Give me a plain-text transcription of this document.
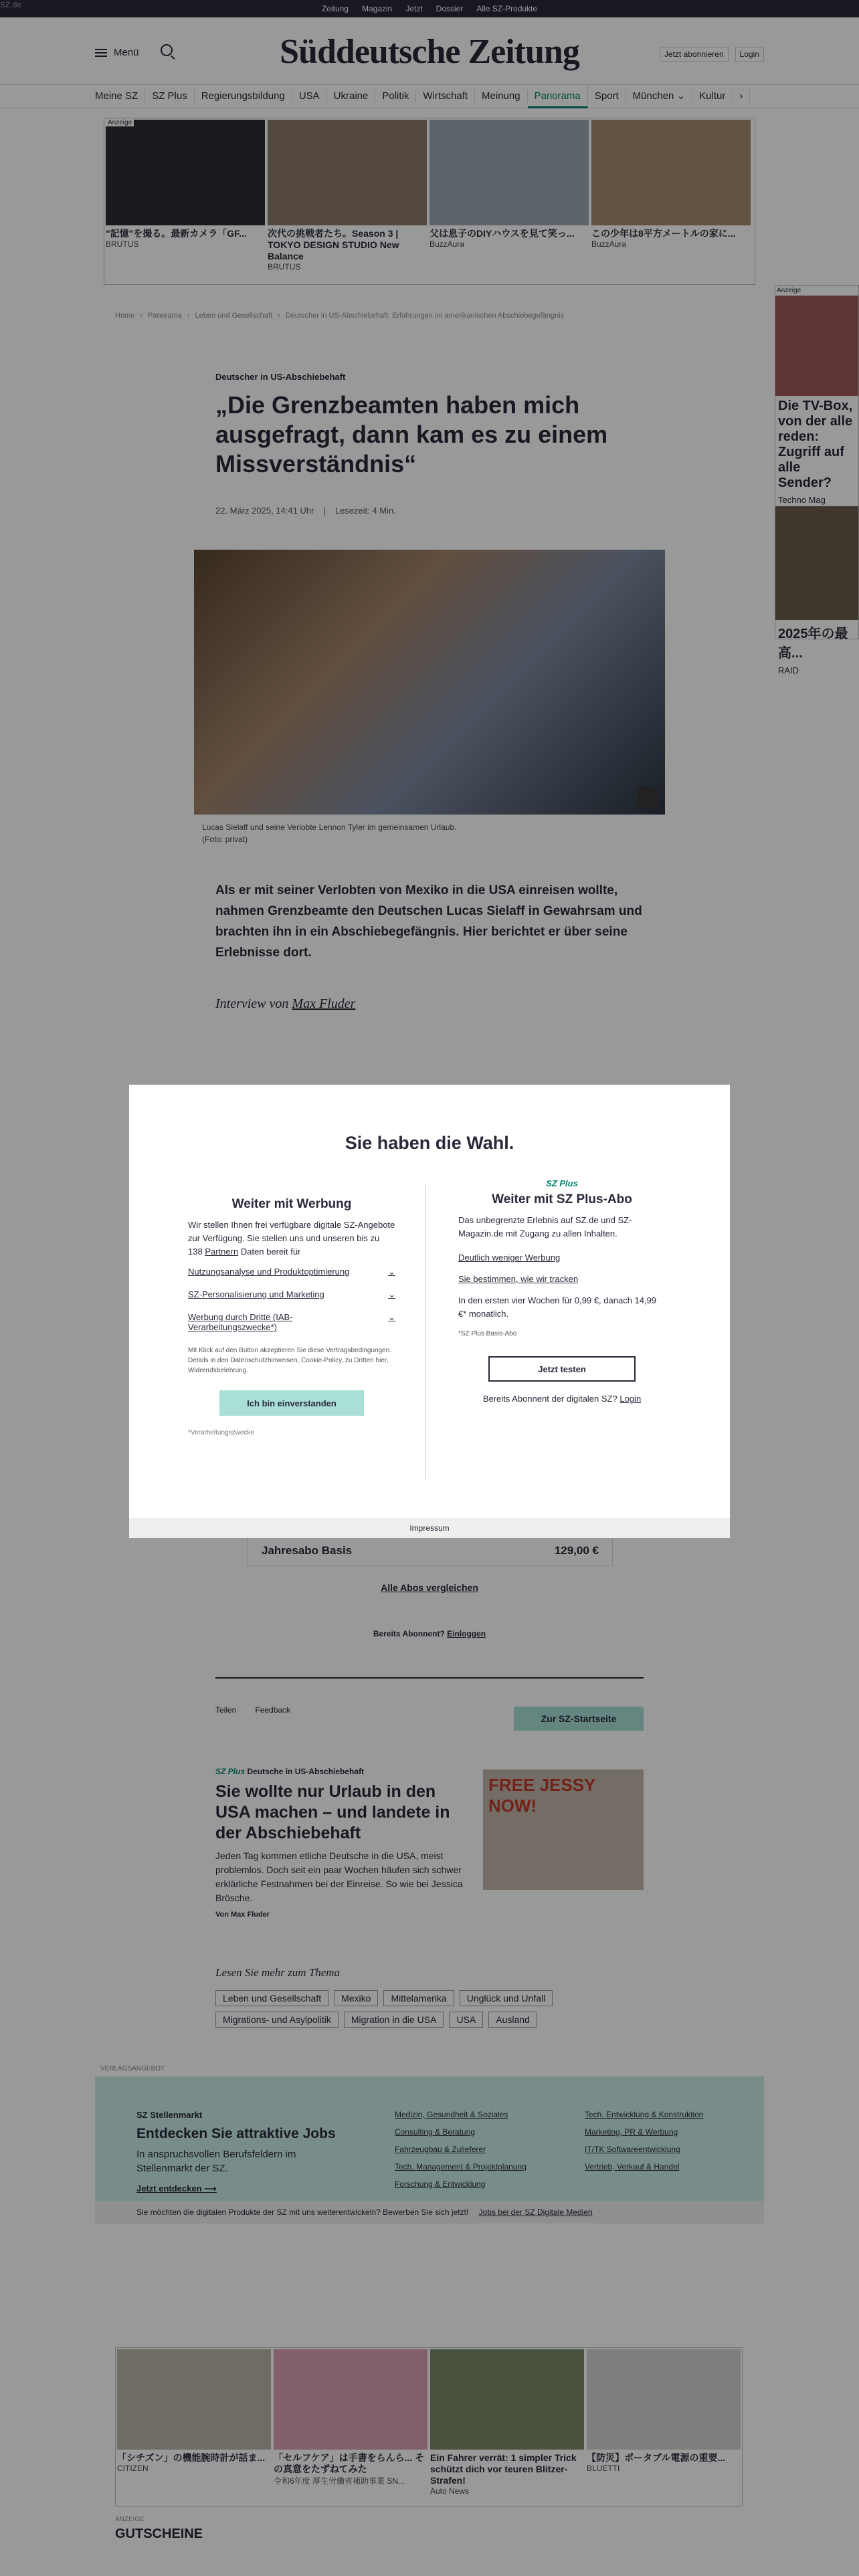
SZ.de	Zeitung Magazin Jetzt Dossier Alle SZ-Produkte
Menü	Süddeutsche Zeitung	Jetzt abonnieren	Login
Meine SZ	SZ Plus	Regierungsbildung	USA	Ukraine	Politik	Wirtschaft	Meinung	Panorama	Sport	München ⌄	Kultur	›
Anzeige
"記憶"を撮る。最新カメラ「GF...
BRUTUS
次代の挑戦者たち。Season 3 | TOKYO DESIGN STUDIO New Balance
BRUTUS
父は息子のDIYハウスを見て笑っ...
BuzzAura
この少年は8平方メートルの家に...
BuzzAura
Home › Panorama › Leben und Gesellschaft › Deutscher in US-Abschiebehaft: Erfahrungen im amerikanischen Abschiebegefängnis
Anzeige
Die TV-Box, von der alle reden: Zugriff auf alle Sender?
Techno Mag
2025年の最高...
RAID
Deutscher in US-Abschiebehaft
„Die Grenzbeamten haben mich ausgefragt, dann kam es zu einem Missverständnis“
22. März 2025, 14:41 Uhr | Lesezeit: 4 Min.
Lucas Sielaff und seine Verlobte Lennon Tyler im gemeinsamen Urlaub.
(Foto: privat)

Als er mit seiner Verlobten von Mexiko in die USA einreisen wollte, nahmen Grenzbeamte den Deutschen Lucas Sielaff in Gewahrsam und brachten ihn in ein Abschiebegefängnis. Hier berichtet er über seine Erlebnisse dort.

Interview von Max Fluder
Jahresabo Basis	129,00 €
Alle Abos vergleichen
Bereits Abonnent? Einloggen
Teilen Feedback
Zur SZ-Startseite
SZ Plus Deutsche in US-Abschiebehaft
Sie wollte nur Urlaub in den USA machen – und landete in der Abschiebehaft
Jeden Tag kommen etliche Deutsche in die USA, meist problemlos. Doch seit ein paar Wochen häufen sich schwer erklärliche Festnahmen bei der Einreise. So wie bei Jessica Brösche.
Von Max Fluder
FREE JESSY NOW!
Lesen Sie mehr zum Thema
Leben und Gesellschaft	Mexiko	Mittelamerika	Unglück und Unfall
Migrations- und Asylpolitik	Migration in die USA	USA	Ausland
VERLAGSANGEBOT
SZ Stellenmarkt
Entdecken Sie attraktive Jobs
In anspruchsvollen Berufsfeldern im Stellenmarkt der SZ.
Jetzt entdecken ⟶
Medizin, Gesundheit & Soziales	Tech. Entwicklung & Konstruktion
Consulting & Beratung	Marketing, PR & Werbung
Fahrzeugbau & Zulieferer	IT/TK Softwareentwicklung
Tech. Management & Projektplanung	Vertrieb, Verkauf & Handel
Forschung & Entwicklung
Sie möchten die digitalen Produkte der SZ mit uns weiterentwickeln? Bewerben Sie sich jetzt! Jobs bei der SZ Digitale Medien
「シチズン」の機能腕時計が話ま...
CITIZEN
「セルフケア」は手書をらんら... その真意をたずねてみた
令和6年度 厚生労働省補助事業 SN...
Ein Fahrer verrät: 1 simpler Trick schützt dich vor teuren Blitzer-Strafen!
Auto News
【防災】ポータブル電源の重要...
BLUETTI
ANZEIGE
GUTSCHEINE
Sie haben die Wahl.
Weiter mit Werbung

Wir stellen Ihnen frei verfügbare digitale SZ-Angebote zur Verfügung. Sie stellen uns und unseren bis zu 138 Partnern Daten bereit für

Nutzungsanalyse und Produktoptimierung	⌄
SZ-Personalisierung und Marketing	⌄
Werbung durch Dritte (IAB-Verarbeitungszwecke*)
⌄

Mit Klick auf den Button akzeptieren Sie diese Vertragsbedingungen. Details in den Datenschutzhinweisen, Cookie-Policy, zu Dritten hier, Widerrufsbelehrung.

Ich bin einverstanden

*Verarbeitungszwecke

SZ Plus
Weiter mit SZ Plus-Abo

Das unbegrenzte Erlebnis auf SZ.de und SZ-Magazin.de mit Zugang zu allen Inhalten.

Deutlich weniger Werbung

Sie bestimmen, wie wir tracken

In den ersten vier Wochen für 0,99 €, danach 14,99 €* monatlich.

*SZ Plus Basis-Abo

Jetzt testen

Bereits Abonnent der digitalen SZ? Login

Impressum
